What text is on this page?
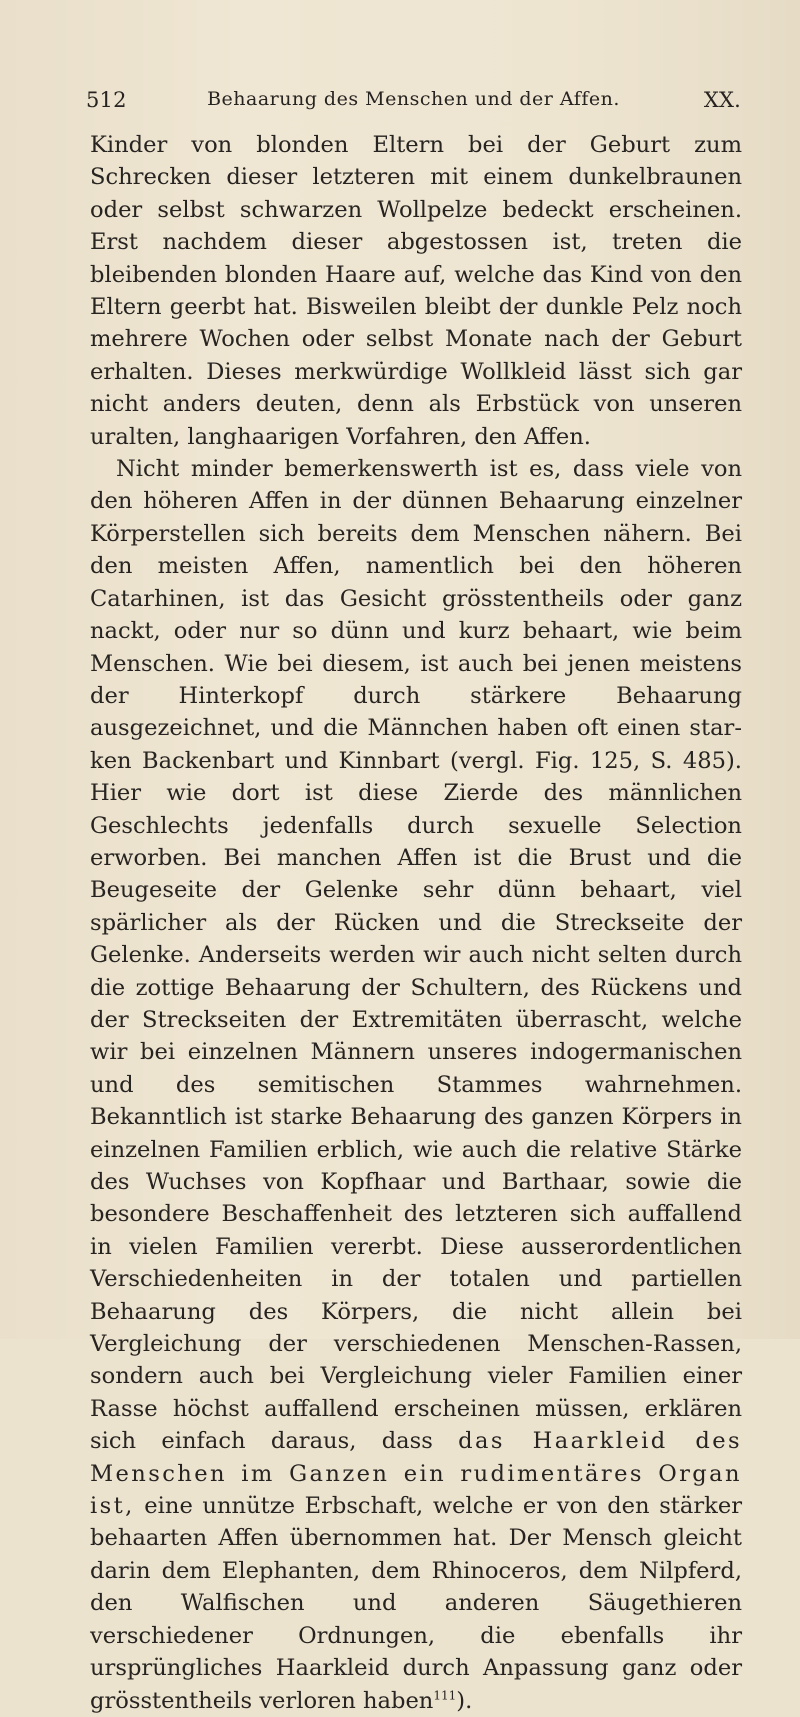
512	Behaarung des Menschen und der Affen.	XX.

Kinder von blonden Eltern bei der Geburt zum Schrecken dieser letzteren mit einem dunkelbraunen oder selbst schwarzen Wollpelze bedeckt erscheinen. Erst nachdem dieser abgestossen ist, treten die bleibenden blonden Haare auf, welche das Kind von den Eltern geerbt hat. Bisweilen bleibt der dunkle Pelz noch mehrere Wochen oder selbst Monate nach der Geburt erhalten. Dieses merkwürdige Wollkleid lässt sich gar nicht anders deuten, denn als Erbstück von unseren uralten, langhaarigen Vorfahren, den Affen.

Nicht minder bemerkenswerth ist es, dass viele von den höheren Affen in der dünnen Behaarung einzelner Körperstellen sich bereits dem Menschen nähern. Bei den meisten Affen, namentlich bei den höheren Catarhinen, ist das Gesicht grösstentheils oder ganz nackt, oder nur so dünn und kurz behaart, wie beim Menschen. Wie bei diesem, ist auch bei jenen meistens der Hinterkopf durch stärkere Behaarung ausgezeichnet, und die Männchen haben oft einen starken Backenbart und Kinnbart (vergl. Fig. 125, S. 485). Hier wie dort ist diese Zierde des männlichen Geschlechts jedenfalls durch sexuelle Selection erworben. Bei manchen Affen ist die Brust und die Beugeseite der Gelenke sehr dünn behaart, viel spärlicher als der Rücken und die Streckseite der Gelenke. Anderseits werden wir auch nicht selten durch die zottige Behaarung der Schultern, des Rückens und der Streckseiten der Extremitäten überrascht, welche wir bei einzelnen Männern unseres indogermanischen und des semitischen Stammes wahrnehmen. Bekanntlich ist starke Behaarung des ganzen Körpers in einzelnen Familien erblich, wie auch die relative Stärke des Wuchses von Kopfhaar und Barthaar, sowie die besondere Beschaffenheit des letzteren sich auffallend in vielen Familien vererbt. Diese ausserordentlichen Verschiedenheiten in der totalen und partiellen Behaarung des Körpers, die nicht allein bei Vergleichung der verschiedenen Menschen-Rassen, sondern auch bei Vergleichung vieler Familien einer Rasse höchst auffallend erscheinen müssen, erklären sich einfach daraus, dass das Haarkleid des Menschen im Ganzen ein rudimentäres Organ ist, eine unnütze Erbschaft, welche er von den stärker behaarten Affen übernommen hat. Der Mensch gleicht darin dem Elephanten, dem Rhinoceros, dem Nilpferd, den Walfischen und anderen Säugethieren verschiedener Ordnungen, die ebenfalls ihr ursprüngliches Haarkleid durch Anpassung ganz oder grösstentheils verloren haben$^{111}$).
